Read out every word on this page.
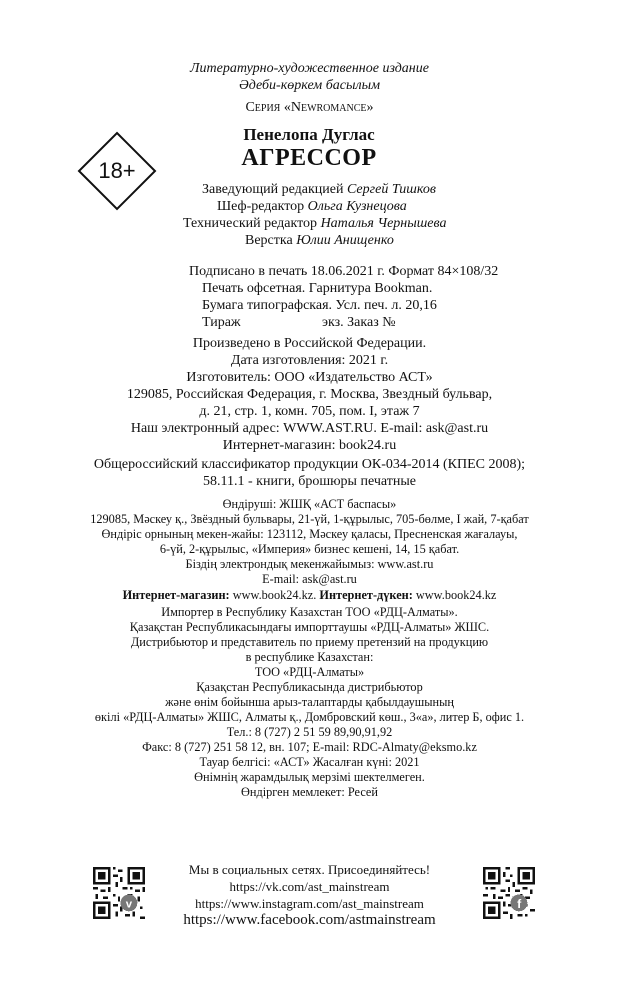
Литературно-художественное издание
Әдеби-көркем басылым
Серия «Newromance»
Пенелопа Дуглас
АГРЕССОР
18+
Заведующий редакцией Сергей Тишков
Шеф-редактор Ольга Кузнецова
Технический редактор Наталья Чернышева
Верстка Юлии Анищенко
Подписано в печать 18.06.2021 г. Формат 84×108/32
Печать офсетная. Гарнитура Bookman.
Бумага типографская. Усл. печ. л. 20,16
Тираж	экз. Заказ №
Произведено в Российской Федерации.
Дата изготовления: 2021 г.
Изготовитель: ООО «Издательство АСТ»
129085, Российская Федерация, г. Москва, Звездный бульвар,
д. 21, стр. 1, комн. 705, пом. I, этаж 7
Наш электронный адрес: WWW.AST.RU. E-mail: ask@ast.ru
Интернет-магазин: book24.ru
Общероссийский классификатор продукции ОК-034-2014 (КПЕС 2008);
58.11.1 - книги, брошюры печатные
Өндіруші: ЖШҚ «АСТ баспасы»
129085, Мәскеу қ., Звёздный бульвары, 21-үй, 1-құрылыс, 705-бөлме, I жай, 7-қабат
Өндіріс орнының мекен-жайы: 123112, Мәскеу қаласы, Пресненская жағалауы,
6-үй, 2-құрылыс, «Империя» бизнес кешені, 14, 15 қабат.
Біздің электрондық мекенжайымыз: www.ast.ru
E-mail: ask@ast.ru
Интернет-магазин: www.book24.kz. Интернет-дүкен: www.book24.kz
Импортер в Республику Казахстан ТОО «РДЦ-Алматы».
Қазақстан Республикасындағы импорттаушы «РДЦ-Алматы» ЖШС.
Дистрибьютор и представитель по приему претензий на продукцию
в республике Казахстан:
ТОО «РДЦ-Алматы»
Қазақстан Республикасында дистрибьютор
және өнім бойынша арыз-талаптарды қабылдаушының
өкілі «РДЦ-Алматы» ЖШС, Алматы қ., Домбровский көш., 3«а», литер Б, офис 1.
Тел.: 8 (727) 2 51 59 89,90,91,92
Факс: 8 (727) 251 58 12, вн. 107; E-mail: RDC-Almaty@eksmo.kz
Тауар белгісі: «АСТ» Жасалған күні: 2021
Өнімнің жарамдылық мерзімі шектелмеген.
Өндірген мемлекет: Ресей
Мы в социальных сетях. Присоединяйтесь!
https://vk.com/ast_mainstream
https://www.instagram.com/ast_mainstream
https://www.facebook.com/astmainstream
v	f
